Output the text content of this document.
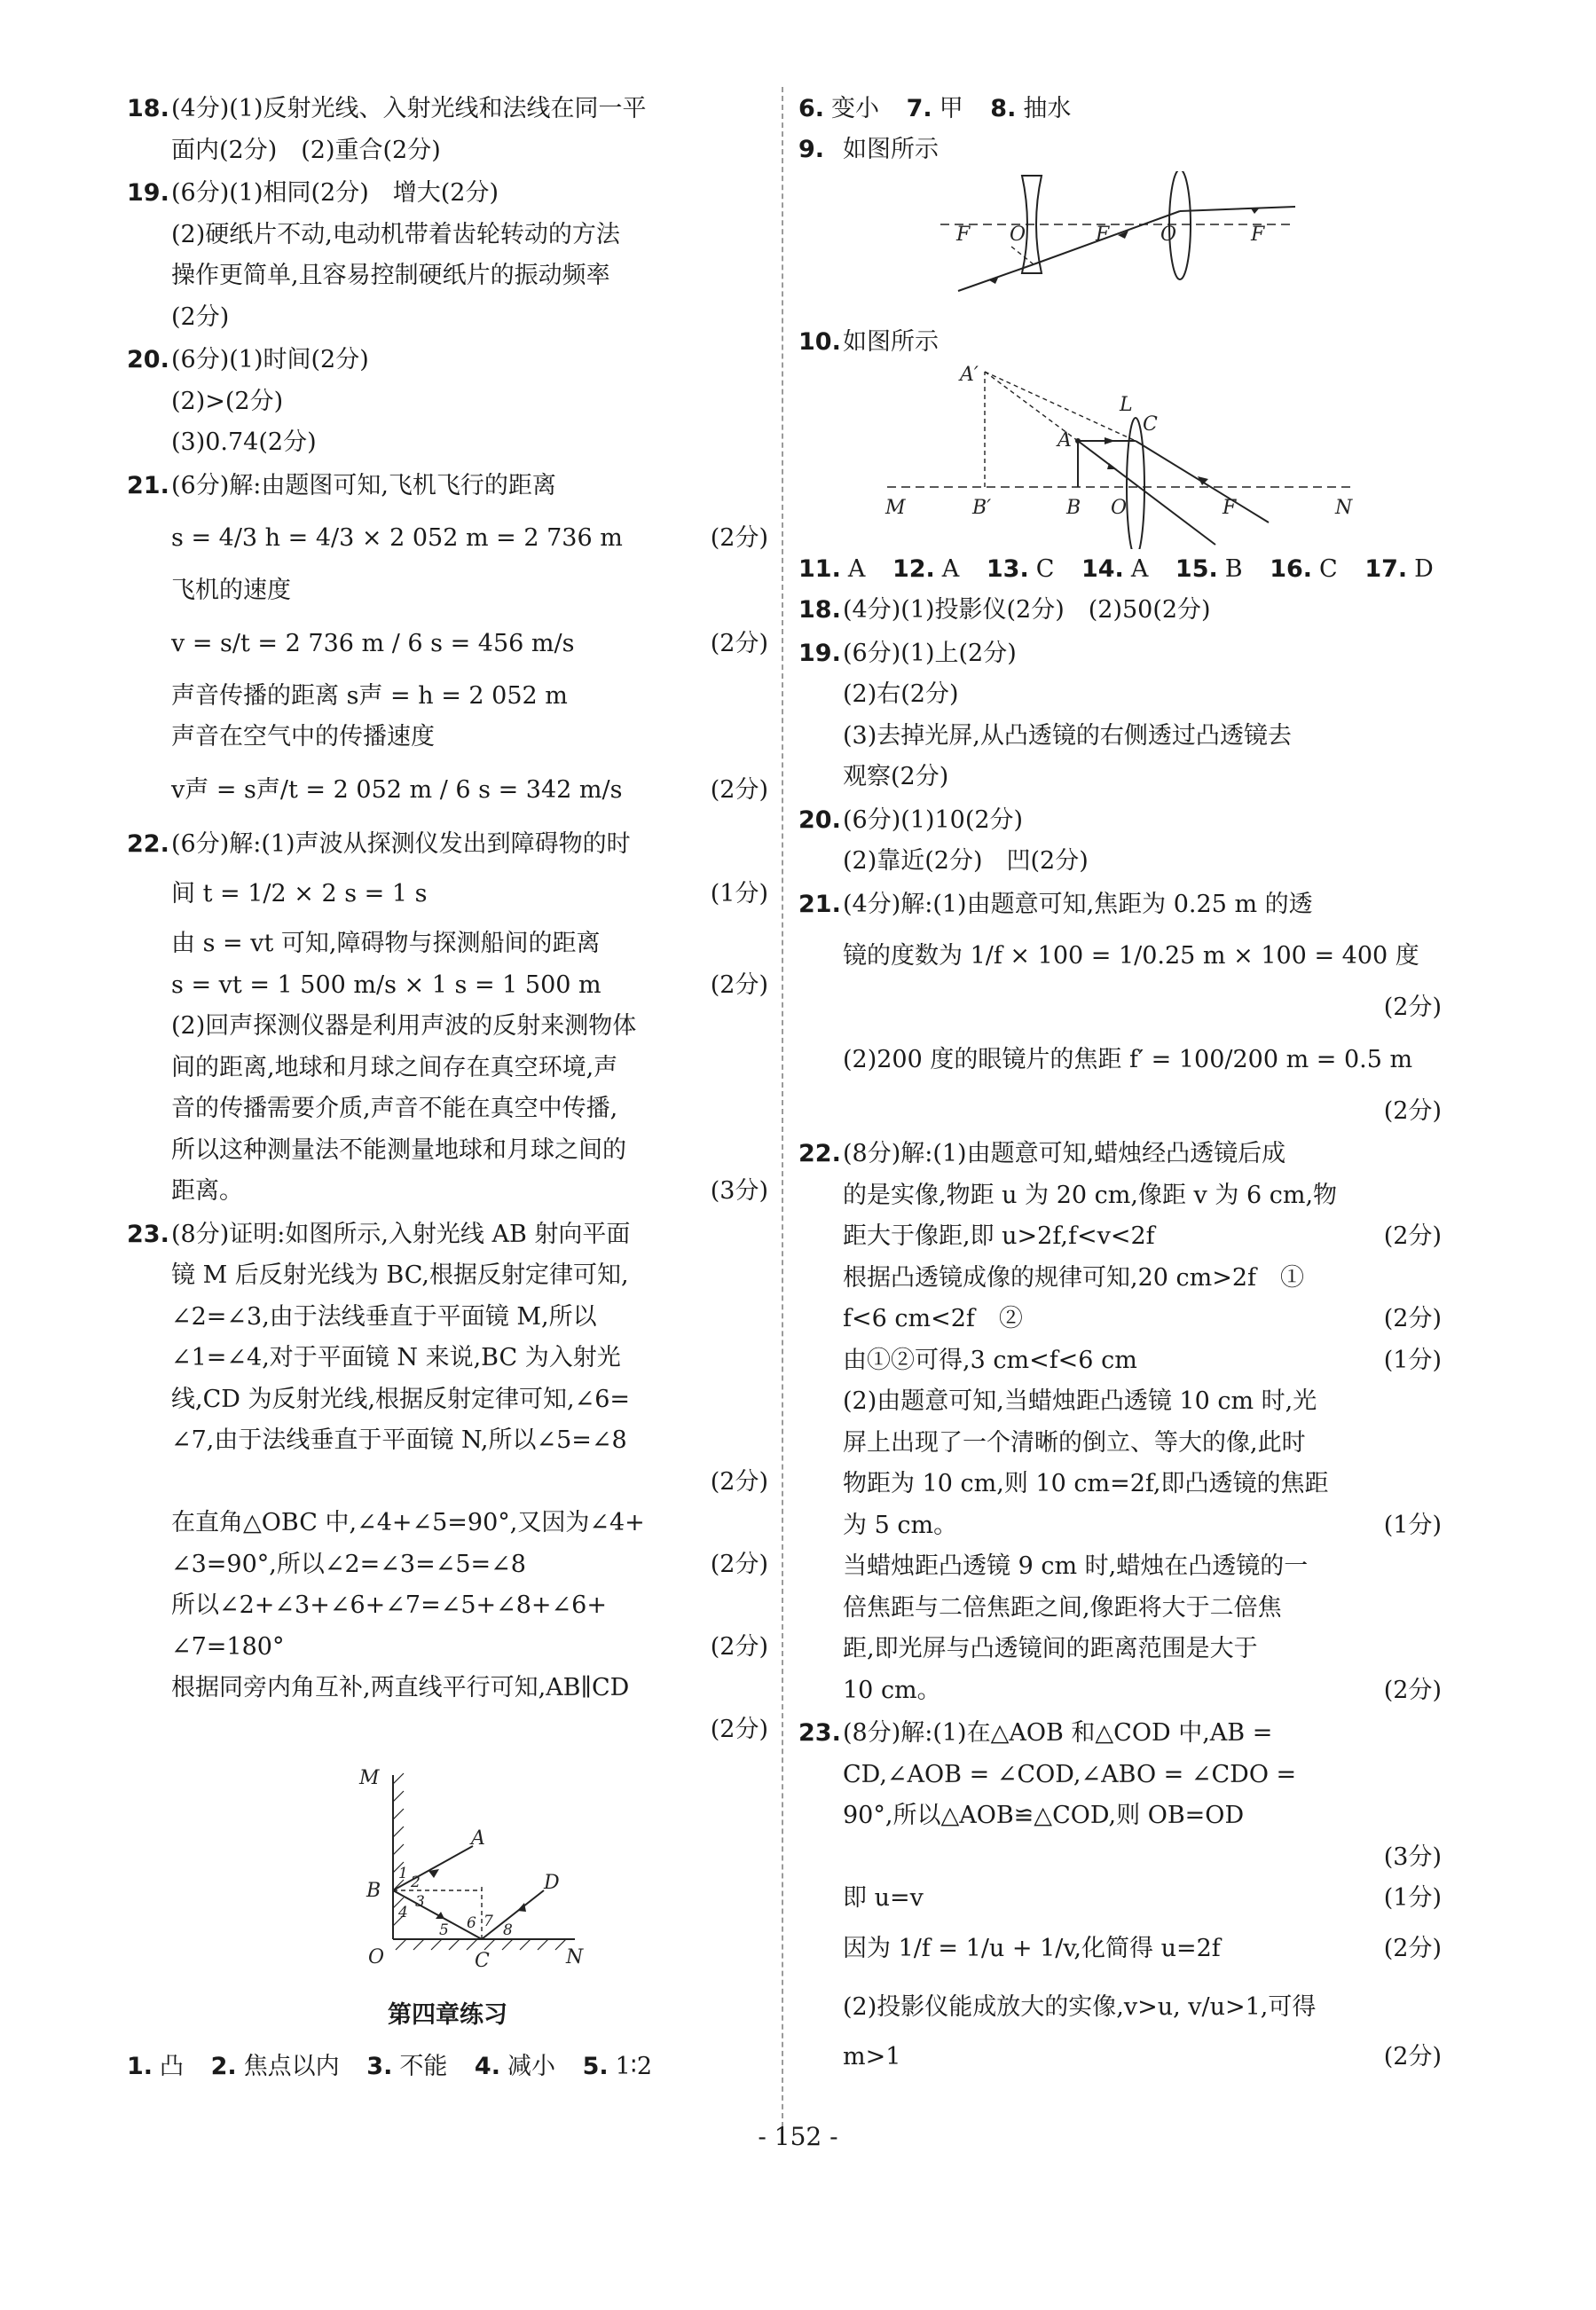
18.(4分)(1)反射光线、入射光线和法线在同一平
面内(2分)　(2)重合(2分)
19.(6分)(1)相同(2分)　增大(2分)
(2)硬纸片不动,电动机带着齿轮转动的方法
操作更简单,且容易控制硬纸片的振动频率
(2分)
20.(6分)(1)时间(2分)
(2)>(2分)
(3)0.74(2分)
21.(6分)解:由题图可知,飞机飞行的距离
s = 4/3 h = 4/3 × 2 052 m = 2 736 m	(2分)
飞机的速度
v = s/t = 2 736 m / 6 s = 456 m/s	(2分)
声音传播的距离 s声 = h = 2 052 m
声音在空气中的传播速度
v声 = s声/t = 2 052 m / 6 s = 342 m/s	(2分)
22.(6分)解:(1)声波从探测仪发出到障碍物的时
间 t = 1/2 × 2 s = 1 s	(1分)
由 s = vt 可知,障碍物与探测船间的距离
s = vt = 1 500 m/s × 1 s = 1 500 m	(2分)
(2)回声探测仪器是利用声波的反射来测物体
间的距离,地球和月球之间存在真空环境,声
音的传播需要介质,声音不能在真空中传播,
所以这种测量法不能测量地球和月球之间的
距离。	(3分)
23.(8分)证明:如图所示,入射光线 AB 射向平面
镜 M 后反射光线为 BC,根据反射定律可知,
∠2=∠3,由于法线垂直于平面镜 M,所以
∠1=∠4,对于平面镜 N 来说,BC 为入射光
线,CD 为反射光线,根据反射定律可知,∠6=
∠7,由于法线垂直于平面镜 N,所以∠5=∠8
(2分)

在直角△OBC 中,∠4+∠5=90°,又因为∠4+
∠3=90°,所以∠2=∠3=∠5=∠8	(2分)
所以∠2+∠3+∠6+∠7=∠5+∠8+∠6+
∠7=180°	(2分)
根据同旁内角互补,两直线平行可知,AB∥CD
(2分)

M
A
B	D
O	C	N
1 2
3
4
5 6 7 8
第四章练习
1. 凸 2. 焦点以内 3. 不能 4. 减小 5. 1∶2
6. 变小 7. 甲 8. 抽水
9. 如图所示
F O	F	O	F
10.如图所示
A′
L
A
C
M	B′	B O	F	N
11. A 12. A 13. C 14. A 15. B 16. C 17. D
18.(4分)(1)投影仪(2分)　(2)50(2分)
19.(6分)(1)上(2分)
(2)右(2分)
(3)去掉光屏,从凸透镜的右侧透过凸透镜去
观察(2分)
20.(6分)(1)10(2分)
(2)靠近(2分)　凹(2分)
21.(4分)解:(1)由题意可知,焦距为 0.25 m 的透
镜的度数为 1/f × 100 = 1/0.25 m × 100 = 400 度
(2分)

(2)200 度的眼镜片的焦距 f′ = 100/200 m = 0.5 m
(2分)

22.(8分)解:(1)由题意可知,蜡烛经凸透镜后成
的是实像,物距 u 为 20 cm,像距 v 为 6 cm,物
距大于像距,即 u>2f,f<v<2f	(2分)
根据凸透镜成像的规律可知,20 cm>2f　①
f<6 cm<2f　②	(2分)
由①②可得,3 cm<f<6 cm	(1分)
(2)由题意可知,当蜡烛距凸透镜 10 cm 时,光
屏上出现了一个清晰的倒立、等大的像,此时
物距为 10 cm,则 10 cm=2f,即凸透镜的焦距
为 5 cm。	(1分)
当蜡烛距凸透镜 9 cm 时,蜡烛在凸透镜的一
倍焦距与二倍焦距之间,像距将大于二倍焦
距,即光屏与凸透镜间的距离范围是大于
10 cm。	(2分)
23.(8分)解:(1)在△AOB 和△COD 中,AB =
CD,∠AOB = ∠COD,∠ABO = ∠CDO =
90°,所以△AOB≌△COD,则 OB=OD
(3分)

即 u=v	(1分)
因为 1/f = 1/u + 1/v,化简得 u=2f	(2分)
(2)投影仪能成放大的实像,v>u, v/u>1,可得
m>1	(2分)
- 152 -
